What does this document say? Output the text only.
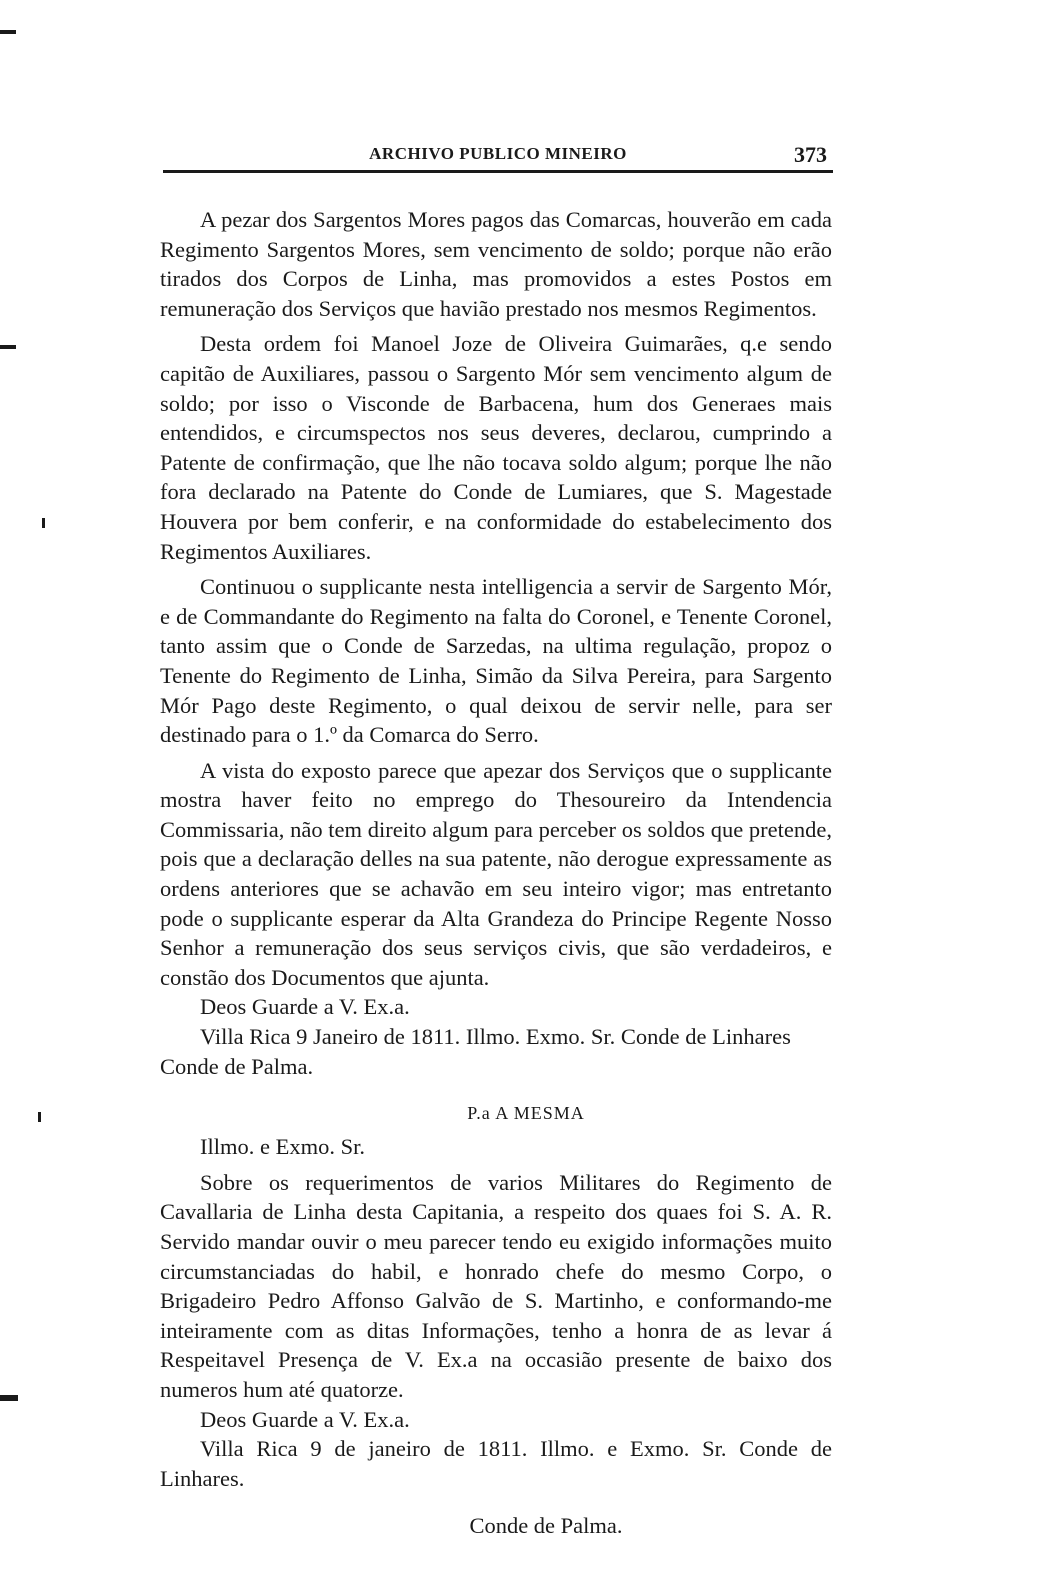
ARCHIVO PUBLICO MINEIRO	373

A pezar dos Sargentos Mores pagos das Comarcas, houverão em cada Regimento Sargentos Mores, sem vencimento de soldo; porque não erão tirados dos Corpos de Linha, mas promovidos a estes Postos em remuneração dos Serviços que havião prestado nos mesmos Regimentos.

Desta ordem foi Manoel Joze de Oliveira Guimarães, q.e sendo capitão de Auxiliares, passou o Sargento Mór sem vencimento algum de soldo; por isso o Visconde de Barbacena, hum dos Generaes mais entendidos, e circumspectos nos seus deveres, declarou, cumprindo a Patente de confirmação, que lhe não tocava soldo algum; porque lhe não fora declarado na Patente do Conde de Lumiares, que S. Magestade Houvera por bem conferir, e na conformidade do estabelecimento dos Regimentos Auxiliares.

Continuou o supplicante nesta intelligencia a servir de Sargento Mór, e de Commandante do Regimento na falta do Coronel, e Tenente Coronel, tanto assim que o Conde de Sarzedas, na ultima regulação, propoz o Tenente do Regimento de Linha, Simão da Silva Pereira, para Sargento Mór Pago deste Regimento, o qual deixou de servir nelle, para ser destinado para o 1.º da Comarca do Serro.

A vista do exposto parece que apezar dos Serviços que o supplicante mostra haver feito no emprego do Thesoureiro da Intendencia Commissaria, não tem direito algum para perceber os soldos que pretende, pois que a declaração delles na sua patente, não derogue expressamente as ordens anteriores que se achavão em seu inteiro vigor; mas entretanto pode o supplicante esperar da Alta Grandeza do Principe Regente Nosso Senhor a remuneração dos seus serviços civis, que são verdadeiros, e constão dos Documentos que ajunta.

Deos Guarde a V. Ex.a.

Villa Rica 9 Janeiro de 1811. Illmo. Exmo. Sr. Conde de Linhares

Conde de Palma.

P.a A MESMA

Illmo. e Exmo. Sr.

Sobre os requerimentos de varios Militares do Regimento de Cavallaria de Linha desta Capitania, a respeito dos quaes foi S. A. R. Servido mandar ouvir o meu parecer tendo eu exigido informações muito circumstanciadas do habil, e honrado chefe do mesmo Corpo, o Brigadeiro Pedro Affonso Galvão de S. Martinho, e conformando-me inteiramente com as ditas Informações, tenho a honra de as levar á Respeitavel Presença de V. Ex.a na occasião presente de baixo dos numeros hum até quatorze.

Deos Guarde a V. Ex.a.

Villa Rica 9 de janeiro de 1811. Illmo. e Exmo. Sr. Conde de Linhares.

Conde de Palma.
